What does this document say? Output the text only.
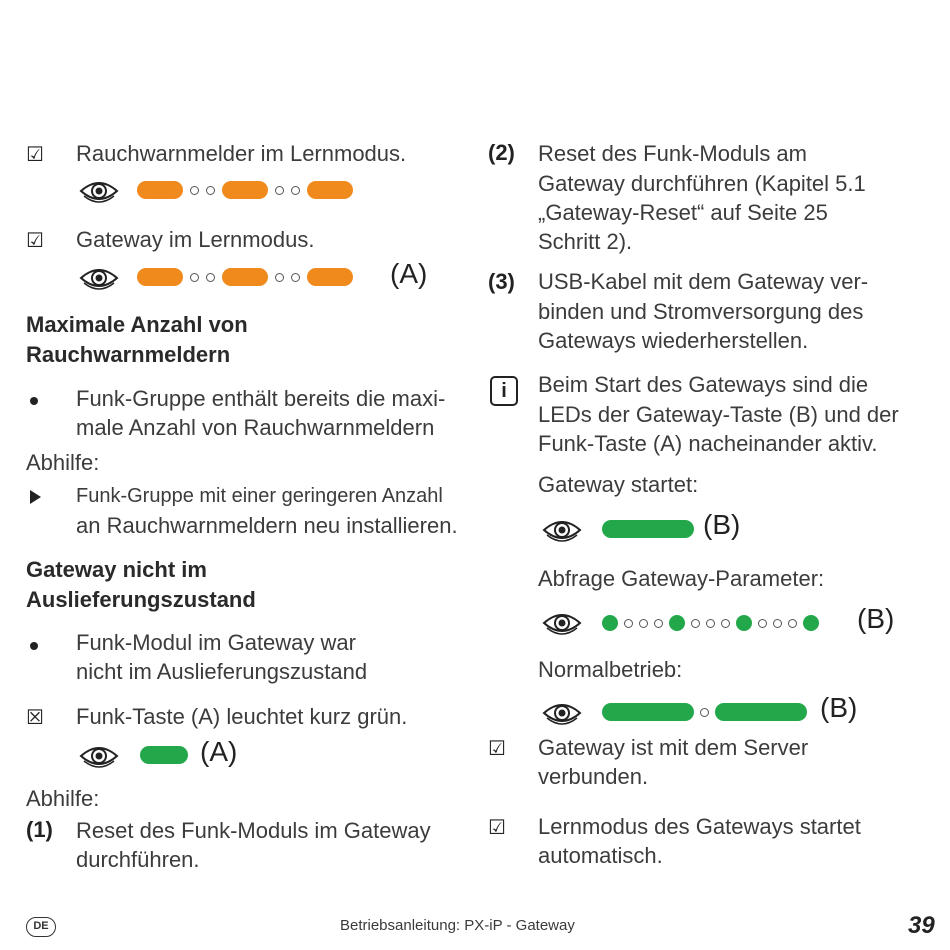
☑ Rauchwarnmelder im Lernmodus.
☑ Gateway im Lernmodus.
(A)
Maximale Anzahl von
Rauchwarnmeldern
Funk-Gruppe enthält bereits die maxi-
male Anzahl von Rauchwarnmeldern
Abhilfe:
Funk-Gruppe mit einer geringeren Anzahl
an Rauchwarnmeldern neu installieren.
Gateway nicht im
Auslieferungszustand
Funk-Modul im Gateway war
nicht im Auslieferungszustand
☒ Funk-Taste (A) leuchtet kurz grün.
(A)
Abhilfe:
(1) Reset des Funk-Moduls im Gateway
durchführen.
(2) Reset des Funk-Moduls am
Gateway durchführen (Kapitel 5.1
„Gateway-Reset“ auf Seite 25
Schritt 2).
(3) USB-Kabel mit dem Gateway ver-
binden und Stromversorgung des
Gateways wiederherstellen.
i	Beim Start des Gateways sind die
LEDs der Gateway-Taste (B) und der
Funk-Taste (A) nacheinander aktiv.
Gateway startet:
(B)
Abfrage Gateway-Parameter:
(B)
Normalbetrieb:
(B)
☑ Gateway ist mit dem Server
verbunden.
☑ Lernmodus des Gateways startet
automatisch.
DE	Betriebsanleitung: PX-iP - Gateway	39
